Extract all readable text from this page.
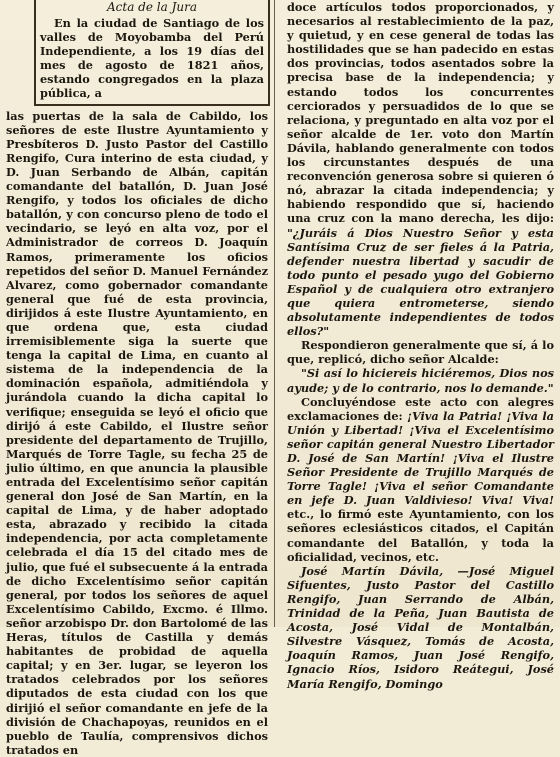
Acta de la Jura

En la ciudad de Santiago de los valles de Moyobamba del Perú Independiente, a los 19 días del mes de agosto de 1821 años, estando congregados en la plaza pública, a

las puertas de la sala de Cabildo, los señores de este Ilustre Ayuntamiento y Presbíteros D. Justo Pastor del Castillo Rengifo, Cura interino de esta ciudad, y D. Juan Serbando de Albán, capitán comandante del batallón, D. Juan José Rengifo, y todos los oficiales de dicho batallón, y con concurso pleno de todo el vecindario, se leyó en alta voz, por el Administrador de correos D. Joaquín Ramos, primeramente los oficios repetidos del señor D. Manuel Fernández Alvarez, como gobernador comandante general que fué de esta provincia, dirijidos á este Ilustre Ayuntamiento, en que ordena que, esta ciudad irremisiblemente siga la suerte que tenga la capital de Lima, en cuanto al sistema de la independencia de la dominación española, admitiéndola y jurándola cuando la dicha capital lo verifique; enseguida se leyó el oficio que dirijó á este Cabildo, el Ilustre señor presidente del departamento de Trujillo, Marqués de Torre Tagle, su fecha 25 de julio último, en que anuncia la plausible entrada del Excelentísimo señor capitán general don José de San Martín, en la capital de Lima, y de haber adoptado esta, abrazado y recibido la citada independencia, por acta completamente celebrada el día 15 del citado mes de julio, que fué el subsecuente á la entrada de dicho Excelentísimo señor capitán general, por todos los señores de aquel Excelentísimo Cabildo, Excmo. é Illmo. señor arzobispo Dr. don Bartolomé de las Heras, títulos de Castilla y demás habitantes de probidad de aquella capital; y en 3er. lugar, se leyeron los tratados celebrados por los señores diputados de esta ciudad con los que dirijió el señor comandante en jefe de la división de Chachapoyas, reunidos en el pueblo de Taulía, comprensivos dichos tratados en

doce artículos todos proporcionados, y necesarios al restablecimiento de la paz, y quietud, y en cese general de todas las hostilidades que se han padecido en estas dos provincias, todos asentados sobre la precisa base de la independencia; y estando todos los concurrentes cerciorados y persuadidos de lo que se relaciona, y preguntado en alta voz por el señor alcalde de 1er. voto don Martín Dávila, hablando generalmente con todos los circunstantes después de una reconvención generosa sobre si quieren ó nó, abrazar la citada independencia; y habiendo respondido que sí, haciendo una cruz con la mano derecha, les dijo: "¿Juráis á Dios Nuestro Señor y esta Santísima Cruz de ser fieles á la Patria, defender nuestra libertad y sacudir de todo punto el pesado yugo del Gobierno Español y de cualquiera otro extranjero que quiera entrometerse, siendo absolutamente independientes de todos ellos?"

Respondieron generalmente que sí, á lo que, replicó, dicho señor Alcalde:

"Si así lo hiciereis hiciéremos, Dios nos ayude; y de lo contrario, nos lo demande."

Concluyéndose este acto con alegres exclamaciones de: ¡Viva la Patria! ¡Viva la Unión y Libertad! ¡Viva el Excelentísimo señor capitán general Nuestro Libertador D. José de San Martín! ¡Viva el Ilustre Señor Presidente de Trujillo Marqués de Torre Tagle! ¡Viva el señor Comandante en jefe D. Juan Valdivieso! Viva! Viva! etc., lo firmó este Ayuntamiento, con los señores eclesiásticos citados, el Capitán comandante del Batallón, y toda la oficialidad, vecinos, etc.

José Martín Dávila, —José Miguel Sifuentes, Justo Pastor del Castillo Rengifo, Juan Serrando de Albán, Trinidad de la Peña, Juan Bautista de Acosta, José Vidal de Montalbán, Silvestre Vásquez, Tomás de Acosta, Joaquín Ramos, Juan José Rengifo, Ignacio Ríos, Isidoro Reátegui, José María Rengifo, Domingo
